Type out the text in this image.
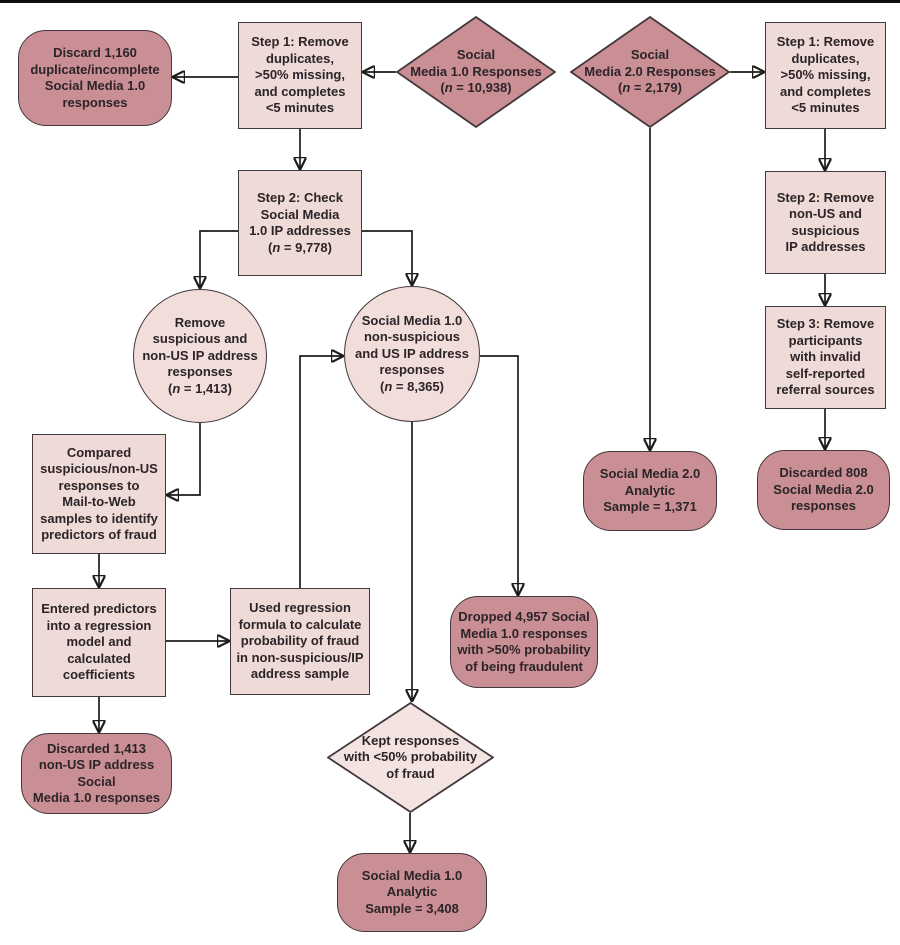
Discard 1,160
duplicate/incomplete
Social Media 1.0
responses
Step 1: Remove
duplicates,
>50% missing,
and completes
<5 minutes
Social
Media 1.0 Responses
(n = 10,938)
Social
Media 2.0 Responses
(n = 2,179)
Step 1: Remove
duplicates,
>50% missing,
and completes
<5 minutes
Step 2: Check
Social Media
1.0 IP addresses
(n = 9,778)
Remove
suspicious and
non-US IP address
responses
(n = 1,413)
Social Media 1.0
non-suspicious
and US IP address
responses
(n = 8,365)
Step 2: Remove
non-US and
suspicious
IP addresses
Step 3: Remove
participants
with invalid
self-reported
referral sources
Discarded 808
Social Media 2.0
responses
Social Media 2.0
Analytic
Sample = 1,371
Compared
suspicious/non-US
responses to
Mail-to-Web
samples to identify
predictors of fraud
Entered predictors
into a regression
model and
calculated
coefficients
Used regression
formula to calculate
probability of fraud
in non-suspicious/IP
address sample
Dropped 4,957 Social
Media 1.0 responses
with >50% probability
of being fraudulent
Discarded 1,413
non-US IP address Social
Media 1.0 responses
Kept responses
with <50% probability
of fraud
Social Media 1.0
Analytic
Sample = 3,408
